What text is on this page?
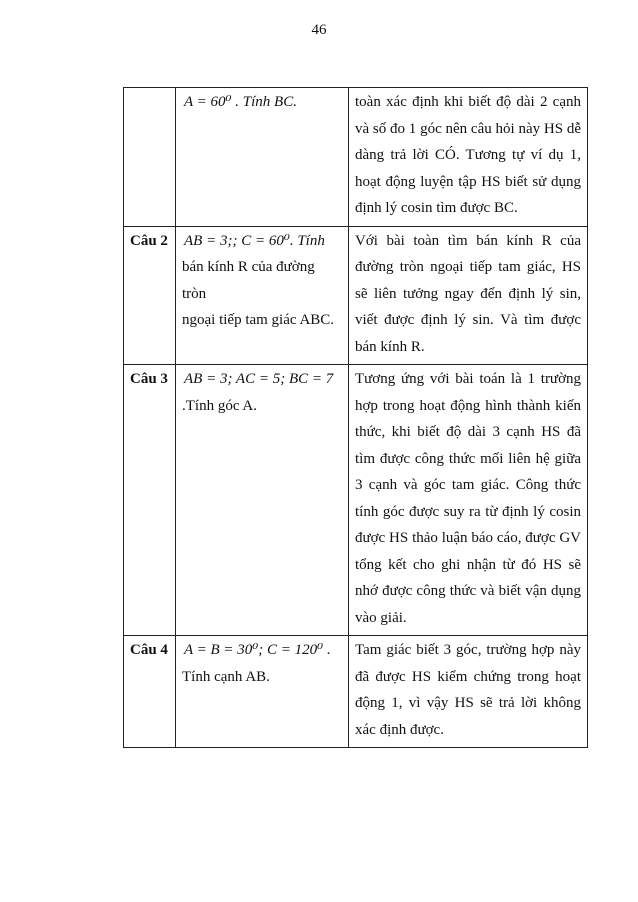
46

	A = 60⁰ . Tính BC.	toàn xác định khi biết độ dài 2 cạnh và số đo 1 góc nên câu hỏi này HS dễ dàng trả lời CÓ. Tương tự ví dụ 1, hoạt động luyện tập HS biết sử dụng định lý cosin tìm được BC.
Câu 2	AB = 3;; C = 60⁰. Tính
bán kính R của đường tròn
ngoại tiếp tam giác ABC.	Với bài toàn tìm bán kính R của đường tròn ngoại tiếp tam giác, HS sẽ liên tưởng ngay đến định lý sin, viết được định lý sin. Và tìm được bán kính R.
Câu 3	AB = 3; AC = 5; BC = 7
.Tính góc A.	Tương ứng với bài toán là 1 trường hợp trong hoạt động hình thành kiến thức, khi biết độ dài 3 cạnh HS đã tìm được công thức mối liên hệ giữa 3 cạnh và góc tam giác. Công thức tính góc được suy ra từ định lý cosin được HS thảo luận báo cáo, được GV tổng kết cho ghi nhận từ đó HS sẽ nhớ được công thức và biết vận dụng vào giải.
Câu 4	A = B = 30⁰; C = 120⁰ .
Tính cạnh AB.	Tam giác biết 3 góc, trường hợp này đã được HS kiểm chứng trong hoạt động 1, vì vậy HS sẽ trả lời không xác định được.
